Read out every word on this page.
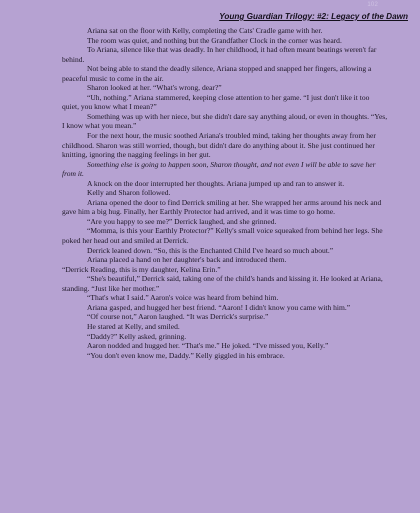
102
Young Guardian Trilogy: #2: Legacy of the Dawn

Ariana sat on the floor with Kelly, completing the Cats' Cradle game with her.

The room was quiet, and nothing but the Grandfather Clock in the corner was heard.

To Ariana, silence like that was deadly. In her childhood, it had often meant beatings weren't far behind.

Not being able to stand the deadly silence, Ariana stopped and snapped her fingers, allowing a peaceful music to come in the air.

Sharon looked at her. “What's wrong, dear?”

“Uh, nothing.” Ariana stammered, keeping close attention to her game. “I just don't like it too quiet, you know what I mean?”

Something was up with her niece, but she didn't dare say anything aloud, or even in thoughts. “Yes, I know what you mean.”

For the next hour, the music soothed Ariana's troubled mind, taking her thoughts away from her childhood. Sharon was still worried, though, but didn't dare do anything about it. She just continued her knitting, ignoring the nagging feelings in her gut.

Something else is going to happen soon, Sharon thought, and not even I will be able to save her from it.

A knock on the door interrupted her thoughts. Ariana jumped up and ran to answer it.

Kelly and Sharon followed.

Ariana opened the door to find Derrick smiling at her. She wrapped her arms around his neck and gave him a big hug. Finally, her Earthly Protector had arrived, and it was time to go home.

“Are you happy to see me?” Derrick laughed, and she grinned.

“Momma, is this your Earthly Protector?” Kelly's small voice squeaked from behind her legs. She poked her head out and smiled at Derrick.

Derrick leaned down. “So, this is the Enchanted Child I've heard so much about.”

Ariana placed a hand on her daughter's back and introduced them.

“Derrick Reading, this is my daughter, Kelina Erin.”

“She's beautiful,” Derrick said, taking one of the child's hands and kissing it. He looked at Ariana, standing. “Just like her mother.”

“That's what I said.” Aaron's voice was heard from behind him.

Ariana gasped, and hugged her best friend. “Aaron! I didn't know you came with him.”

“Of course not,” Aaron laughed. “It was Derrick's surprise.”

He stared at Kelly, and smiled.

“Daddy?” Kelly asked, grinning.

Aaron nodded and hugged her. “That's me.” He joked. “I've missed you, Kelly.”

“You don't even know me, Daddy.” Kelly giggled in his embrace.
